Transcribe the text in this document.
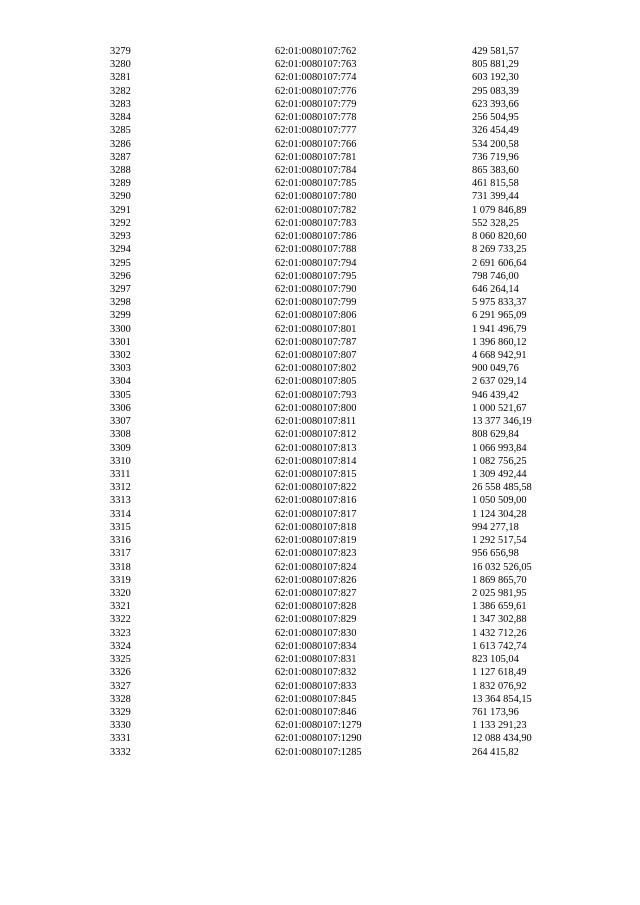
3279	62:01:0080107:762	429 581,57
3280	62:01:0080107:763	805 881,29
3281	62:01:0080107:774	603 192,30
3282	62:01:0080107:776	295 083,39
3283	62:01:0080107:779	623 393,66
3284	62:01:0080107:778	256 504,95
3285	62:01:0080107:777	326 454,49
3286	62:01:0080107:766	534 200,58
3287	62:01:0080107:781	736 719,96
3288	62:01:0080107:784	865 383,60
3289	62:01:0080107:785	461 815,58
3290	62:01:0080107:780	731 399,44
3291	62:01:0080107:782	1 079 846,89
3292	62:01:0080107:783	552 328,25
3293	62:01:0080107:786	8 060 820,60
3294	62:01:0080107:788	8 269 733,25
3295	62:01:0080107:794	2 691 606,64
3296	62:01:0080107:795	798 746,00
3297	62:01:0080107:790	646 264,14
3298	62:01:0080107:799	5 975 833,37
3299	62:01:0080107:806	6 291 965,09
3300	62:01:0080107:801	1 941 496,79
3301	62:01:0080107:787	1 396 860,12
3302	62:01:0080107:807	4 668 942,91
3303	62:01:0080107:802	900 049,76
3304	62:01:0080107:805	2 637 029,14
3305	62:01:0080107:793	946 439,42
3306	62:01:0080107:800	1 000 521,67
3307	62:01:0080107:811	13 377 346,19
3308	62:01:0080107:812	808 629,84
3309	62:01:0080107:813	1 066 993,84
3310	62:01:0080107:814	1 082 756,25
3311	62:01:0080107:815	1 309 492,44
3312	62:01:0080107:822	26 558 485,58
3313	62:01:0080107:816	1 050 509,00
3314	62:01:0080107:817	1 124 304,28
3315	62:01:0080107:818	994 277,18
3316	62:01:0080107:819	1 292 517,54
3317	62:01:0080107:823	956 656,98
3318	62:01:0080107:824	16 032 526,05
3319	62:01:0080107:826	1 869 865,70
3320	62:01:0080107:827	2 025 981,95
3321	62:01:0080107:828	1 386 659,61
3322	62:01:0080107:829	1 347 302,88
3323	62:01:0080107:830	1 432 712,26
3324	62:01:0080107:834	1 613 742,74
3325	62:01:0080107:831	823 105,04
3326	62:01:0080107:832	1 127 618,49
3327	62:01:0080107:833	1 832 076,92
3328	62:01:0080107:845	13 364 854,15
3329	62:01:0080107:846	761 173,96
3330	62:01:0080107:1279	1 133 291,23
3331	62:01:0080107:1290	12 088 434,90
3332	62:01:0080107:1285	264 415,82
